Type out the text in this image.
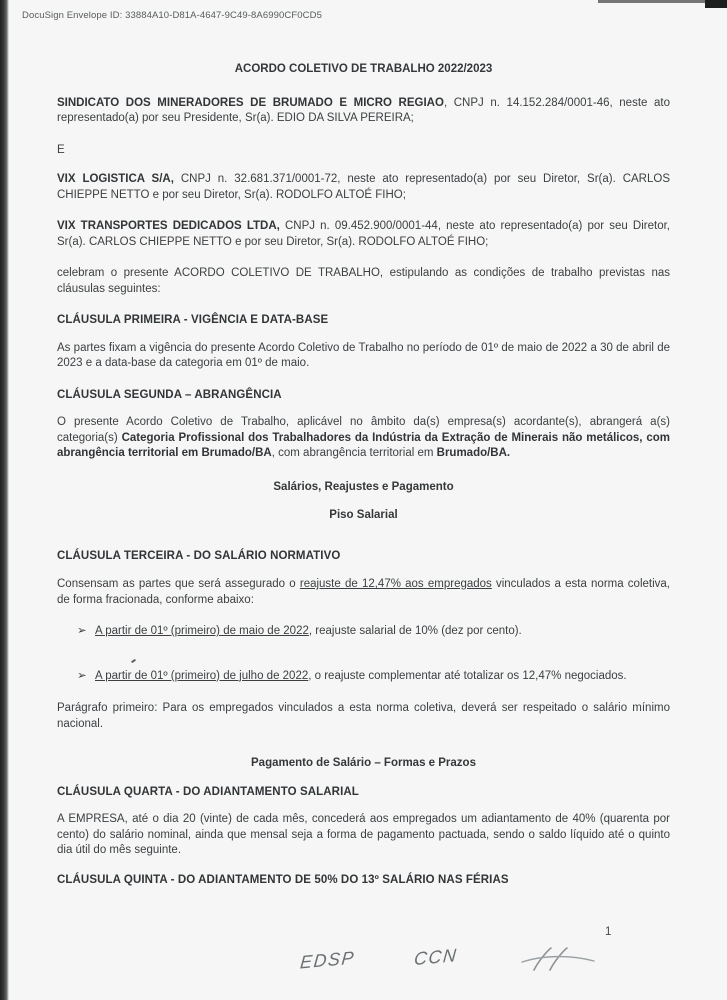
DocuSign Envelope ID: 33884A10-D81A-4647-9C49-8A6990CF0CD5
ACORDO COLETIVO DE TRABALHO 2022/2023

SINDICATO DOS MINERADORES DE BRUMADO E MICRO REGIAO, CNPJ n. 14.152.284/0001-46, neste ato representado(a) por seu Presidente, Sr(a). EDIO DA SILVA PEREIRA;

E

VIX LOGISTICA S/A, CNPJ n. 32.681.371/0001-72, neste ato representado(a) por seu Diretor, Sr(a). CARLOS CHIEPPE NETTO e por seu Diretor, Sr(a). RODOLFO ALTOÉ FIHO;

VIX TRANSPORTES DEDICADOS LTDA, CNPJ n. 09.452.900/0001-44, neste ato representado(a) por seu Diretor, Sr(a). CARLOS CHIEPPE NETTO e por seu Diretor, Sr(a). RODOLFO ALTOÉ FIHO;

celebram o presente ACORDO COLETIVO DE TRABALHO, estipulando as condições de trabalho previstas nas cláusulas seguintes:

CLÁUSULA PRIMEIRA - VIGÊNCIA E DATA-BASE

As partes fixam a vigência do presente Acordo Coletivo de Trabalho no período de 01º de maio de 2022 a 30 de abril de 2023 e a data-base da categoria em 01º de maio.

CLÁUSULA SEGUNDA – ABRANGÊNCIA

O presente Acordo Coletivo de Trabalho, aplicável no âmbito da(s) empresa(s) acordante(s), abrangerá a(s) categoria(s) Categoria Profissional dos Trabalhadores da Indústria da Extração de Minerais não metálicos, com abrangência territorial em Brumado/BA, com abrangência territorial em Brumado/BA.

Salários, Reajustes e Pagamento
Piso Salarial
CLÁUSULA TERCEIRA - DO SALÁRIO NORMATIVO

Consensam as partes que será assegurado o reajuste de 12,47% aos empregados vinculados a esta norma coletiva, de forma fracionada, conforme abaixo:

➢ A partir de 01º (primeiro) de maio de 2022, reajuste salarial de 10% (dez por cento).
➢ A partir de 01º (primeiro) de julho de 2022, o reajuste complementar até totalizar os 12,47% negociados.

Parágrafo primeiro: Para os empregados vinculados a esta norma coletiva, deverá ser respeitado o salário mínimo nacional.

Pagamento de Salário – Formas e Prazos
CLÁUSULA QUARTA - DO ADIANTAMENTO SALARIAL

A EMPRESA, até o dia 20 (vinte) de cada mês, concederá aos empregados um adiantamento de 40% (quarenta por cento) do salário nominal, ainda que mensal seja a forma de pagamento pactuada, sendo o saldo líquido até o quinto dia útil do mês seguinte.

CLÁUSULA QUINTA - DO ADIANTAMENTO DE 50% DO 13º SALÁRIO NAS FÉRIAS
1
EDSP	CCN
